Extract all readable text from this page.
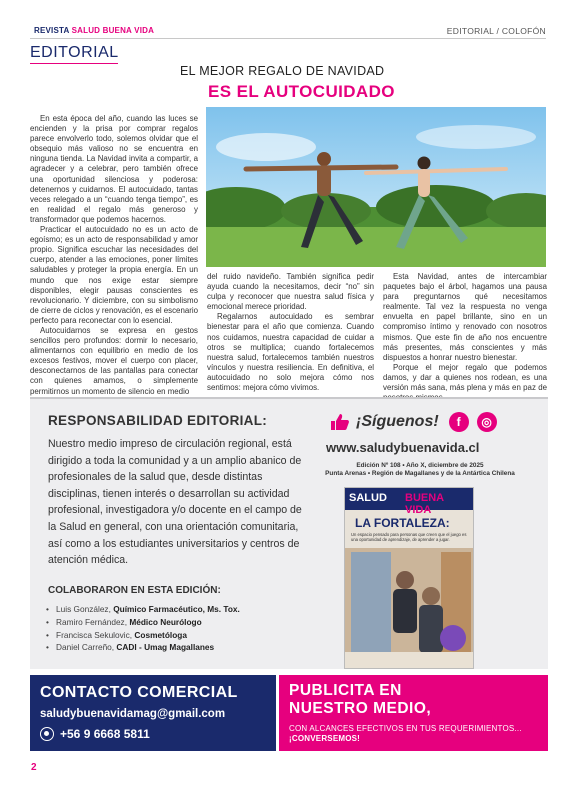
REVISTA SALUD BUENA VIDA	EDITORIAL / COLOFÓN
EDITORIAL
EL MEJOR REGALO DE NAVIDAD
ES EL AUTOCUIDADO

En esta época del año, cuando las luces se encienden y la prisa por comprar regalos parece envolverlo todo, solemos olvidar que el obsequio más valioso no se encuentra en ninguna tienda. La Navidad invita a compartir, a agradecer y a celebrar, pero también ofrece una oportunidad silenciosa y poderosa: detenernos y cuidarnos. El autocuidado, tantas veces relegado a un “cuando tenga tiempo”, es en realidad el regalo más generoso y transformador que podemos hacernos.

Practicar el autocuidado no es un acto de egoísmo; es un acto de responsabilidad y amor propio. Significa escuchar las necesidades del cuerpo, atender a las emociones, poner límites saludables y proteger la propia energía. En un mundo que nos exige estar siempre disponibles, elegir pausas conscientes es revolucionario. Y diciembre, con su simbolismo de cierre de ciclos y renovación, es el escenario perfecto para reconectar con lo esencial.

Autocuidarnos se expresa en gestos sencillos pero profundos: dormir lo necesario, alimentarnos con equilibrio en medio de los excesos festivos, mover el cuerpo con placer, desconectarnos de las pantallas para conectar con quienes amamos, o simplemente permitirnos un momento de silencio en medio

del ruido navideño. También significa pedir ayuda cuando la necesitamos, decir “no” sin culpa y reconocer que nuestra salud física y emocional merece prioridad.

Regalarnos autocuidado es sembrar bienestar para el año que comienza. Cuando nos cuidamos, nuestra capacidad de cuidar a otros se multiplica; cuando fortalecemos nuestra salud, fortalecemos también nuestros vínculos y nuestra resiliencia. En definitiva, el autocuidado no solo mejora cómo nos sentimos: mejora cómo vivimos.

Esta Navidad, antes de intercambiar paquetes bajo el árbol, hagamos una pausa para preguntarnos qué necesitamos realmente. Tal vez la respuesta no venga envuelta en papel brillante, sino en un compromiso íntimo y renovado con nosotros mismos. Que este fin de año nos encuentre más presentes, más conscientes y más dispuestos a honrar nuestro bienestar.

Porque el mejor regalo que podemos damos, y dar a quienes nos rodean, es una versión más sana, más plena y más en paz de

RESPONSABILIDAD EDITORIAL:
Nuestro medio impreso de circulación regional, está dirigido a toda la comunidad y a un amplio abanico de profesionales de la salud que, desde distintas disciplinas, tienen interés o desarrollan su actividad profesional, investigadora y/o docente en el campo de la Salud en general, con una orientación comunitaria, así como a los estudiantes universitarios y centros de atención médica.
COLABORARON EN ESTA EDICIÓN:
• Luis González, Químico Farmacéutico, Ms. Tox.
• Ramiro Fernández, Médico Neurólogo
• Francisca Sekulovic, Cosmetóloga
• Daniel Carreño, CADI - Umag Magallanes
¡Síguenos!	f	◎
www.saludybuenavida.cl
Edición Nº 108 • Año X, diciembre de 2025
Punta Arenas • Región de Magallanes y de la Antártica Chilena
SALUD BUENA VIDA
LA FORTALEZA:
Un espacio pensado para personas que creen que el juego es una oportunidad de aprendizaje, de aprender a jugar.
CONTACTO COMERCIAL
saludybuenavidamag@gmail.com
+56 9 6668 5811
PUBLICITA EN
NUESTRO MEDIO,
CON ALCANCES EFECTIVOS EN TUS REQUERIMIENTOS... ¡CONVERSEMOS!
2
